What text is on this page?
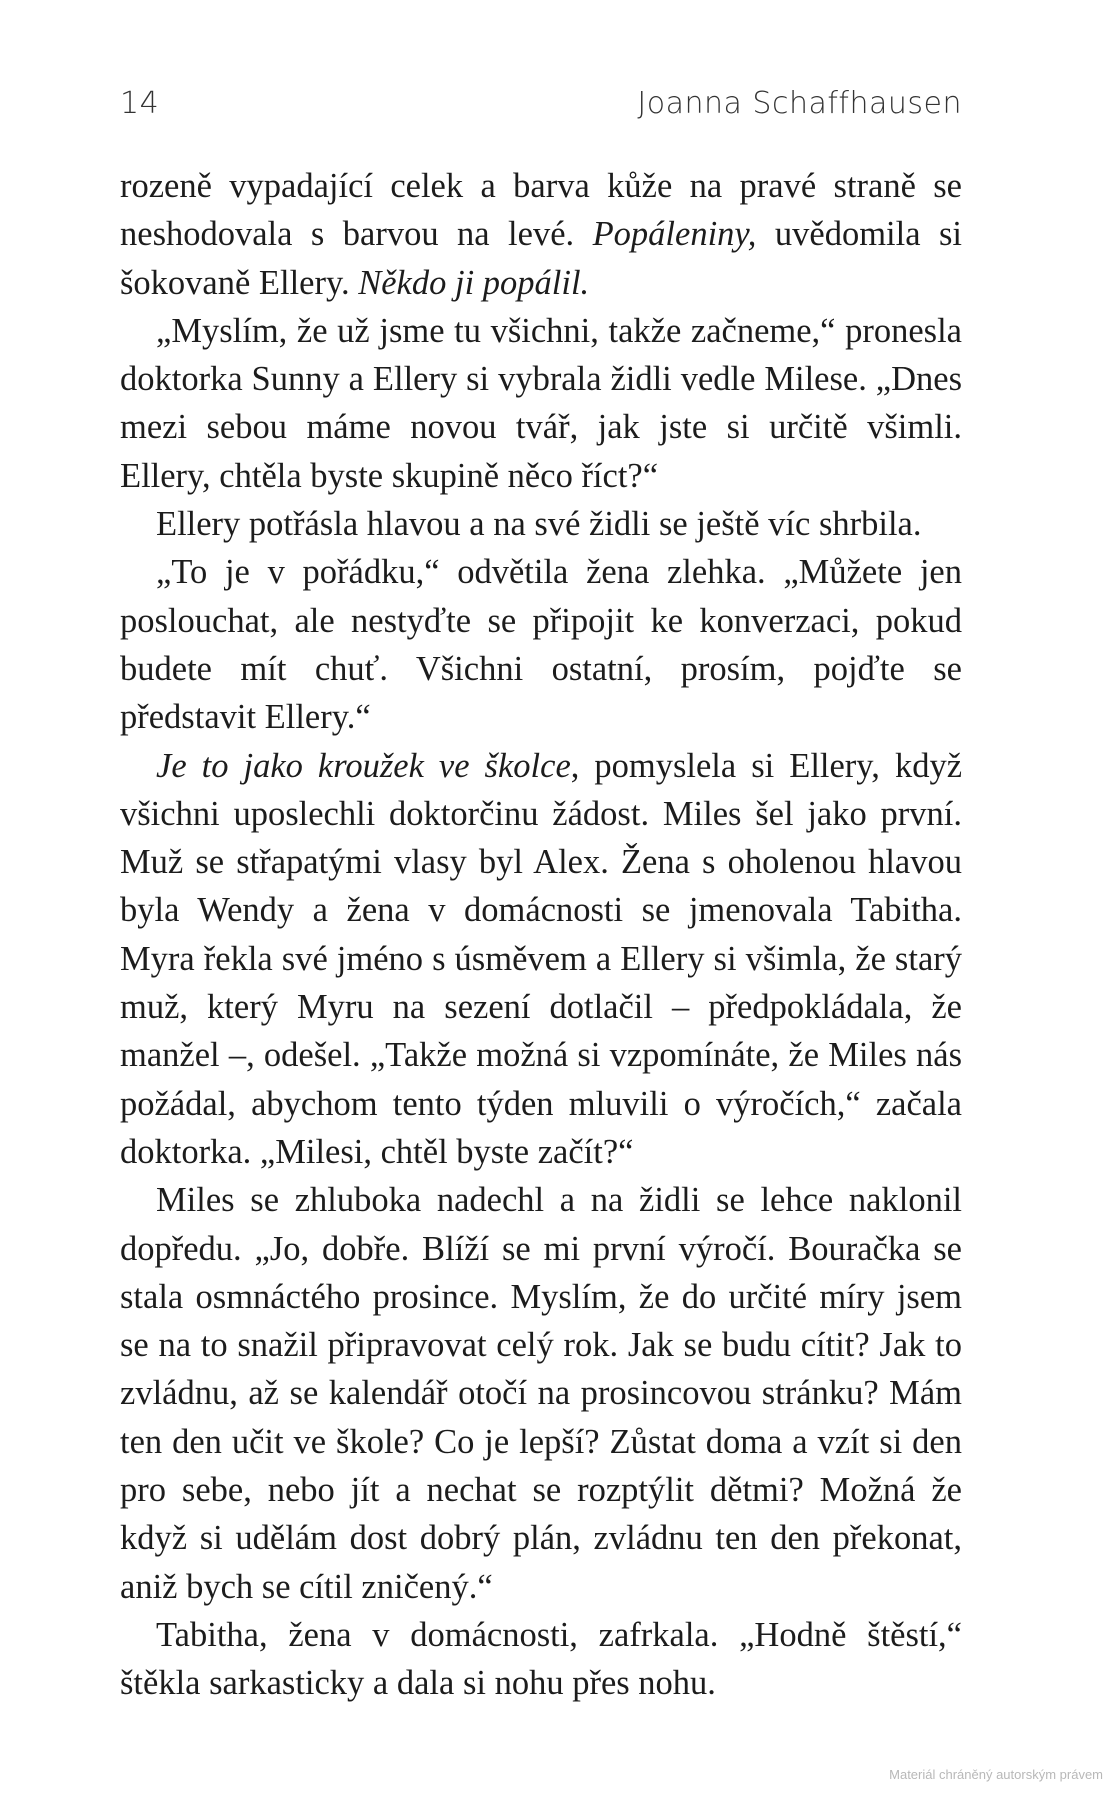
14	Joanna Schaffhausen

rozeně vypadající celek a barva kůže na pravé straně se neshodovala s barvou na levé. Popáleniny, uvědomila si šokovaně Ellery. Někdo ji popálil.

„Myslím, že už jsme tu všichni, takže začneme,“ pronesla doktorka Sunny a Ellery si vybrala židli vedle Milese. „Dnes mezi sebou máme novou tvář, jak jste si určitě všimli. Ellery, chtěla byste skupině něco říct?“

Ellery potřásla hlavou a na své židli se ještě víc shrbila.

„To je v pořádku,“ odvětila žena zlehka. „Můžete jen poslouchat, ale nestyďte se připojit ke konverzaci, pokud budete mít chuť. Všichni ostatní, prosím, pojďte se představit Ellery.“

Je to jako kroužek ve školce, pomyslela si Ellery, když všichni uposlechli doktorčinu žádost. Miles šel jako první. Muž se střapatými vlasy byl Alex. Žena s oholenou hlavou byla Wendy a žena v domácnosti se jmenovala Tabitha. Myra řekla své jméno s úsměvem a Ellery si všimla, že starý muž, který Myru na sezení dotlačil – předpokládala, že manžel –, odešel. „Takže možná si vzpomínáte, že Miles nás požádal, abychom tento týden mluvili o výročích,“ začala doktorka. „Milesi, chtěl byste začít?“

Miles se zhluboka nadechl a na židli se lehce naklonil dopředu. „Jo, dobře. Blíží se mi první výročí. Bouračka se stala osmnáctého prosince. Myslím, že do určité míry jsem se na to snažil připravovat celý rok. Jak se budu cítit? Jak to zvládnu, až se kalendář otočí na prosincovou stránku? Mám ten den učit ve škole? Co je lepší? Zůstat doma a vzít si den pro sebe, nebo jít a nechat se rozptýlit dětmi? Možná že když si udělám dost dobrý plán, zvládnu ten den překonat, aniž bych se cítil zničený.“

Tabitha, žena v domácnosti, zafrkala. „Hodně štěstí,“ štěkla sarkasticky a dala si nohu přes nohu.

Materiál chráněný autorským právem
